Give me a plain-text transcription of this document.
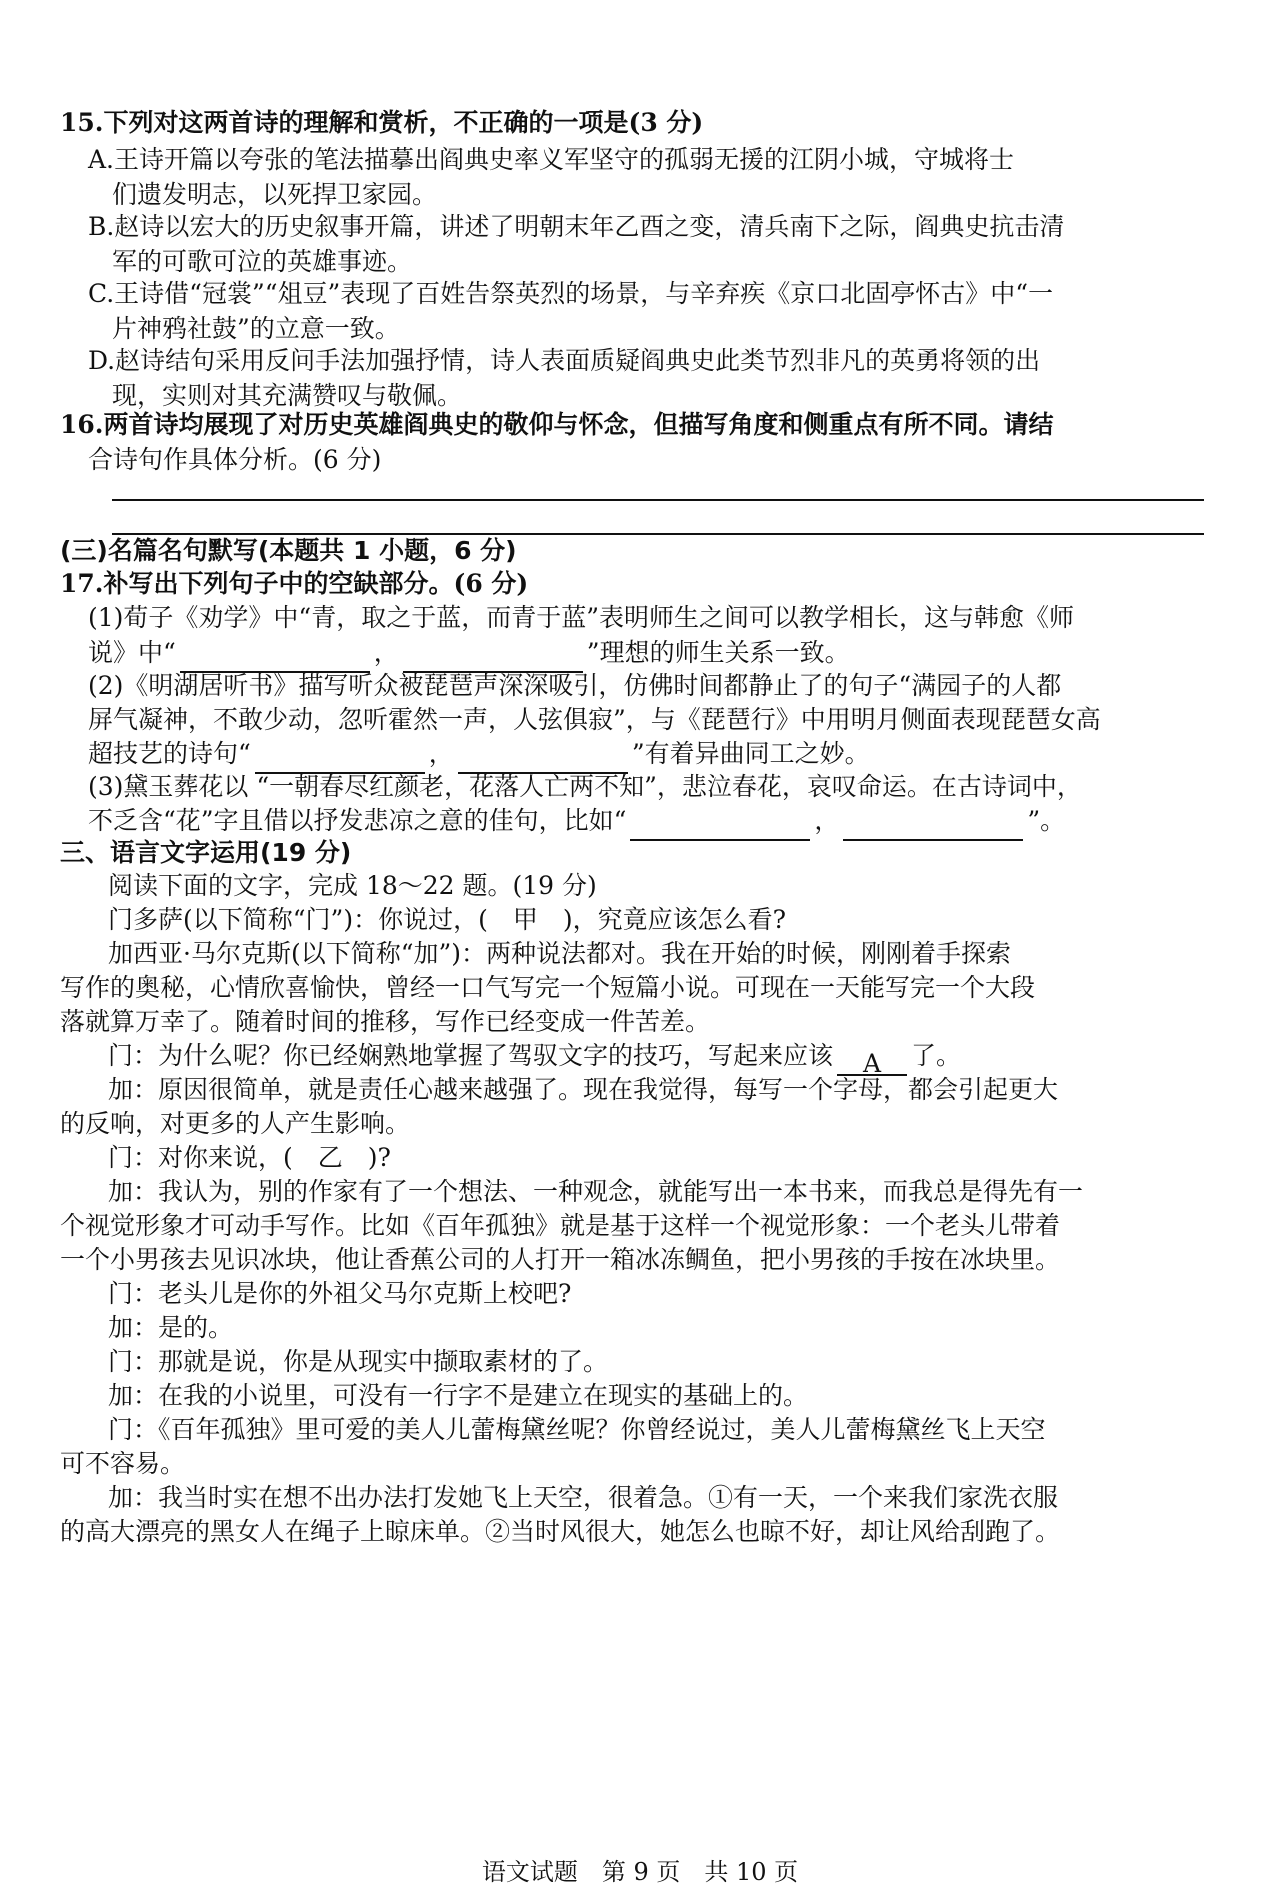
15.下列对这两首诗的理解和赏析，不正确的一项是(3 分)
A.王诗开篇以夸张的笔法描摹出阎典史率义军坚守的孤弱无援的江阴小城，守城将士
们遗发明志，以死捍卫家园。
B.赵诗以宏大的历史叙事开篇，讲述了明朝末年乙酉之变，清兵南下之际，阎典史抗击清
军的可歌可泣的英雄事迹。
C.王诗借“冠裳”“俎豆”表现了百姓告祭英烈的场景，与辛弃疾《京口北固亭怀古》中“一
片神鸦社鼓”的立意一致。
D.赵诗结句采用反问手法加强抒情，诗人表面质疑阎典史此类节烈非凡的英勇将领的出
现，实则对其充满赞叹与敬佩。
16.两首诗均展现了对历史英雄阎典史的敬仰与怀念，但描写角度和侧重点有所不同。请结
合诗句作具体分析。(6 分)
(三)名篇名句默写(本题共 1 小题，6 分)
17.补写出下列句子中的空缺部分。(6 分)
(1)荀子《劝学》中“青，取之于蓝，而青于蓝”表明师生之间可以教学相长，这与韩愈《师
说》中“	，	”理想的师生关系一致。
(2)《明湖居听书》描写听众被琵琶声深深吸引，仿佛时间都静止了的句子“满园子的人都
屏气凝神，不敢少动，忽听霍然一声，人弦俱寂”，与《琵琶行》中用明月侧面表现琵琶女高
超技艺的诗句“	，	”有着异曲同工之妙。
(3)黛玉葬花以 “一朝春尽红颜老，花落人亡两不知”，悲泣春花，哀叹命运。在古诗词中，
不乏含“花”字且借以抒发悲凉之意的佳句，比如“	，	”。
三、语言文字运用(19 分)
阅读下面的文字，完成 18～22 题。(19 分)
门多萨(以下简称“门”)：你说过，(　甲　)，究竟应该怎么看?
加西亚·马尔克斯(以下简称“加”)：两种说法都对。我在开始的时候，刚刚着手探索
写作的奥秘，心情欣喜愉快，曾经一口气写完一个短篇小说。可现在一天能写完一个大段
落就算万幸了。随着时间的推移，写作已经变成一件苦差。
门：为什么呢？你已经娴熟地掌握了驾驭文字的技巧，写起来应该 A 了。
加：原因很简单，就是责任心越来越强了。现在我觉得，每写一个字母，都会引起更大
的反响，对更多的人产生影响。
门：对你来说，(　乙　)?
加：我认为，别的作家有了一个想法、一种观念，就能写出一本书来，而我总是得先有一
个视觉形象才可动手写作。比如《百年孤独》就是基于这样一个视觉形象：一个老头儿带着
一个小男孩去见识冰块，他让香蕉公司的人打开一箱冰冻鲷鱼，把小男孩的手按在冰块里。
门：老头儿是你的外祖父马尔克斯上校吧?
加：是的。
门：那就是说，你是从现实中撷取素材的了。
加：在我的小说里，可没有一行字不是建立在现实的基础上的。
门：《百年孤独》里可爱的美人儿蕾梅黛丝呢？你曾经说过，美人儿蕾梅黛丝飞上天空
可不容易。
加：我当时实在想不出办法打发她飞上天空，很着急。①有一天，一个来我们家洗衣服
的高大漂亮的黑女人在绳子上晾床单。②当时风很大，她怎么也晾不好，却让风给刮跑了。
语文试题　第 9 页　共 10 页
